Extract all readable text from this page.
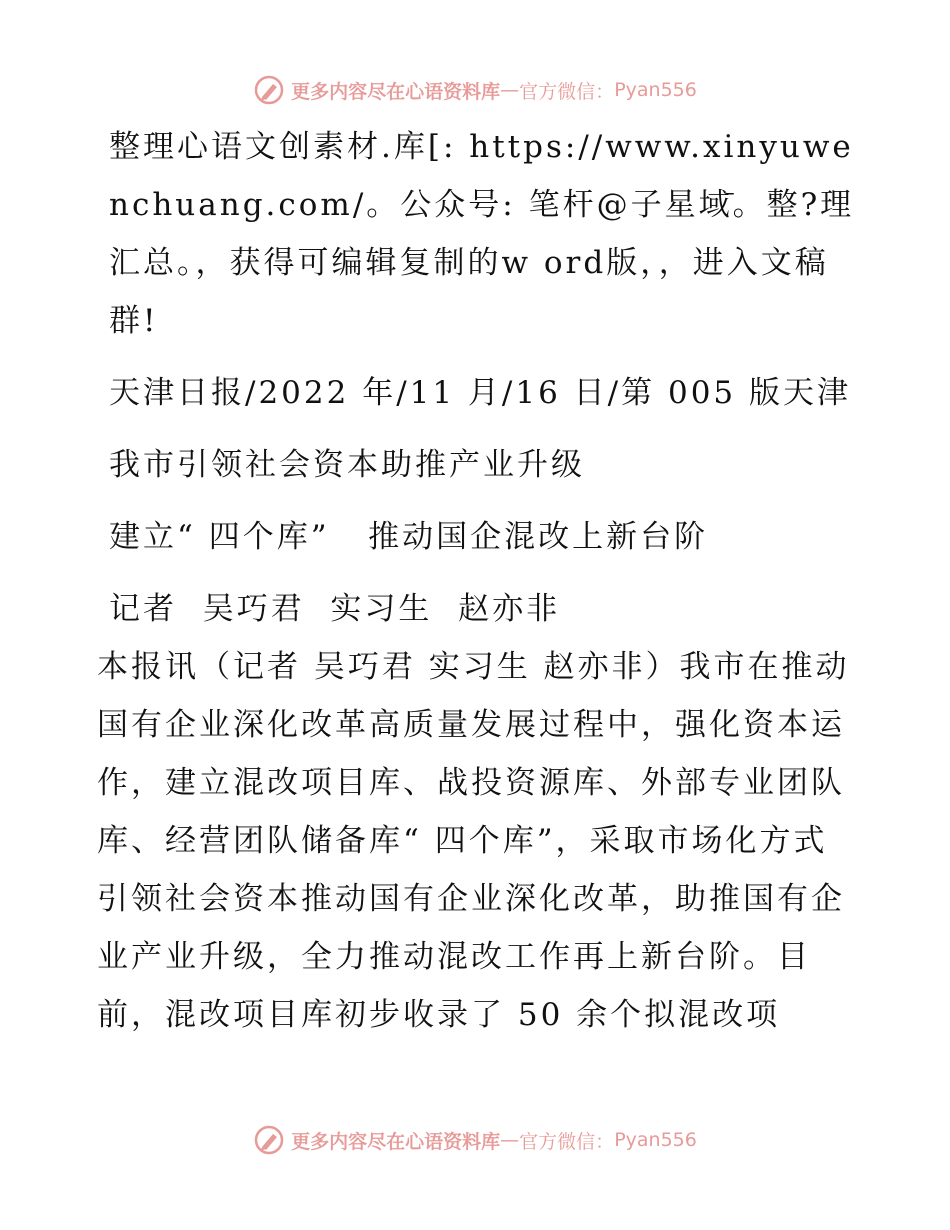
更多内容尽在心语资料库 — 官方微信： Pyan556

整理心语文创素材.库[: https://www.xinyuwenchuang.com/。公众号: 笔杆@子星域̄。整?理汇总。，获得可编辑复制的w ord版，，进入文稿群!

天津日报/2022 年/11 月/16 日/第 005 版天津

我市引领社会资本助推产业升级

建立“ 四个库”   推动国企混改上新台阶

记者  吴巧君  实习生  赵亦非

本报讯（记者 吴巧君 实习生 赵亦非）我市在推动国有企业深化改革高质量发展过程中，强化资本运作，建立混改项目库、战投资源库、外部专业团队库、经营团队储备库“ 四个库”，采取市场化方式引领社会资本推动国有企业深化改革，助推国有企业产业升级，全力推动混改工作再上新台阶。目前，混改项目库初步收录了 50 余个拟混改项

更多内容尽在心语资料库 — 官方微信： Pyan556
